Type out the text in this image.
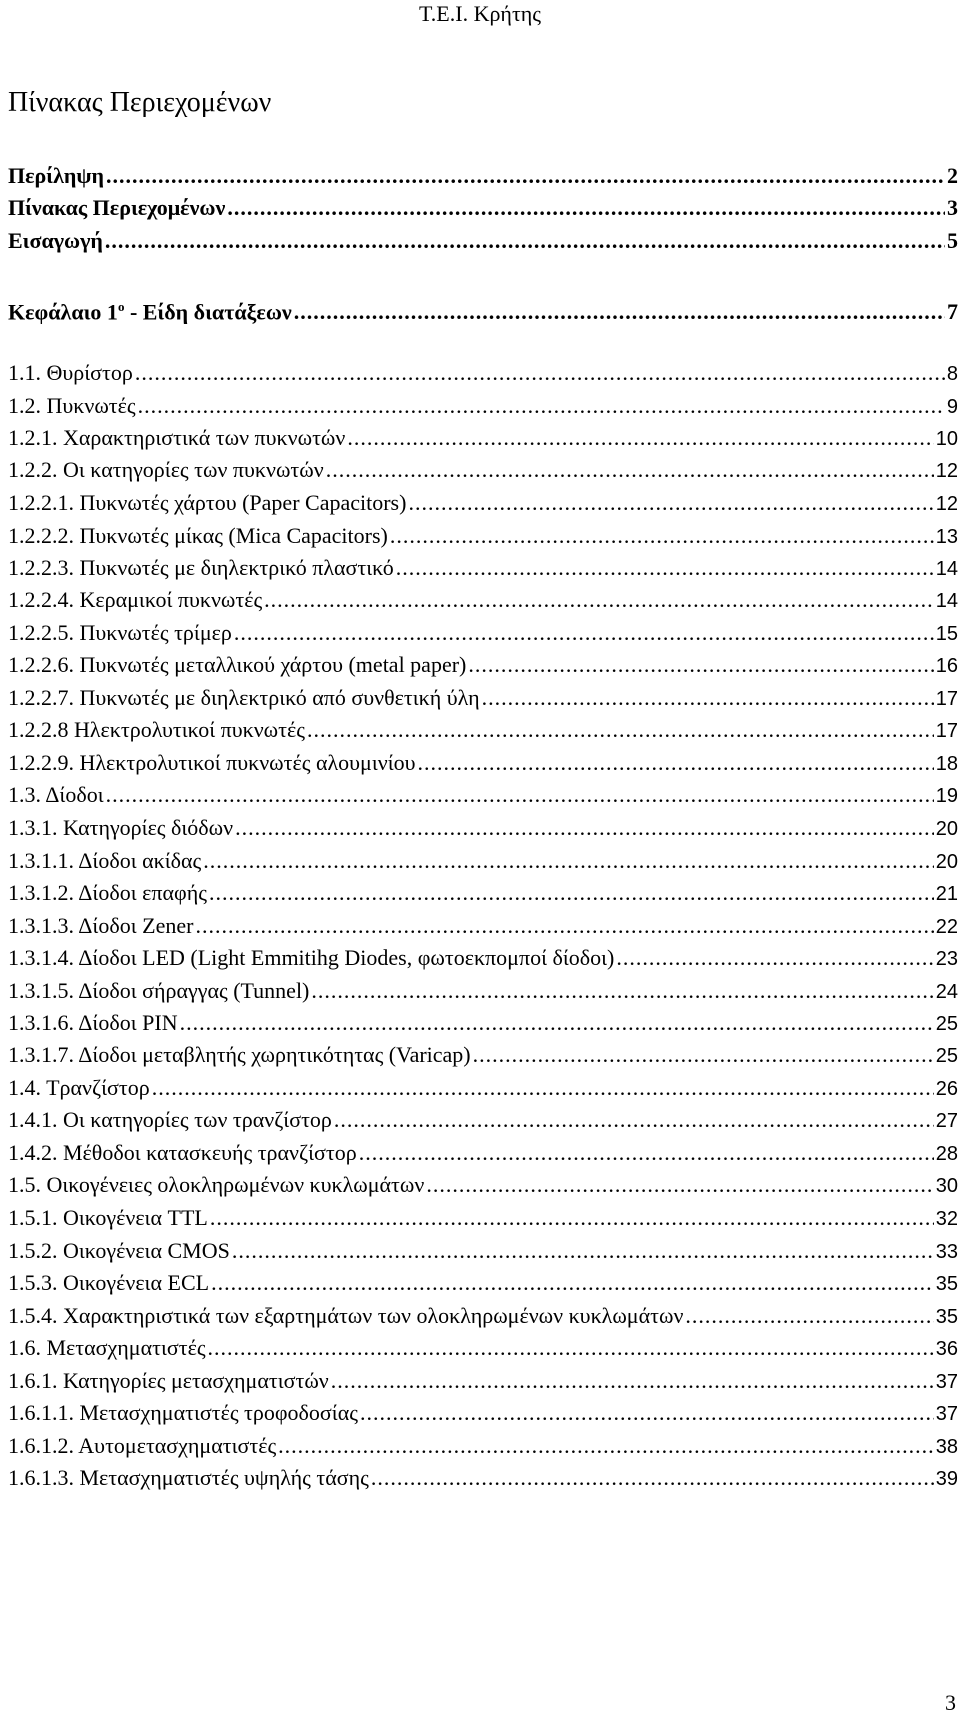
Τ.Ε.Ι. Κρήτης
Πίνακας Περιεχομένων
Περίληψη .....	2
Πίνακας Περιεχομένων .....	3
Εισαγωγή .....	5
Κεφάλαιο $1^o$ - Είδη διατάξεων .....	7
1.1. Θυρίστορ .....	8
1.2. Πυκνωτές .....	9
1.2.1. Χαρακτηριστικά των πυκνωτών .....	10
1.2.2. Οι κατηγορίες των πυκνωτών .....	12
1.2.2.1. Πυκνωτές χάρτου (Paper Capacitors) .....	12
1.2.2.2. Πυκνωτές μίκας (Mica Capacitors) .....	13
1.2.2.3. Πυκνωτές με διηλεκτρικό πλαστικό .....	14
1.2.2.4. Κεραμικοί πυκνωτές .....	14
1.2.2.5. Πυκνωτές τρίμερ .....	15
1.2.2.6. Πυκνωτές μεταλλικού χάρτου (metal paper) .....	16
1.2.2.7. Πυκνωτές με διηλεκτρικό από συνθετική ύλη .....	17
1.2.2.8 Ηλεκτρολυτικοί πυκνωτές .....	17
1.2.2.9. Ηλεκτρολυτικοί πυκνωτές αλουμινίου .....	18
1.3. Δίοδοι .....	19
1.3.1. Κατηγορίες διόδων .....	20
1.3.1.1. Δίοδοι ακίδας .....	20
1.3.1.2. Δίοδοι επαφής .....	21
1.3.1.3. Δίοδοι Zener .....	22
1.3.1.4. Δίοδοι LED (Light Emmitihg Diodes, φωτοεκπομποί δίοδοι) .....	23
1.3.1.5. Δίοδοι σήραγγας (Tunnel) .....	24
1.3.1.6. Δίοδοι PIN .....	25
1.3.1.7. Δίοδοι μεταβλητής χωρητικότητας (Varicap) .....	25
1.4. Τρανζίστορ .....	26
1.4.1. Οι κατηγορίες των τρανζίστορ .....	27
1.4.2. Μέθοδοι κατασκευής τρανζίστορ .....	28
1.5. Οικογένειες ολοκληρωμένων κυκλωμάτων .....	30
1.5.1. Οικογένεια TTL .....	32
1.5.2. Οικογένεια CMOS .....	33
1.5.3. Οικογένεια ECL .....	35
1.5.4. Χαρακτηριστικά των εξαρτημάτων των ολοκληρωμένων κυκλωμάτων .....	35
1.6. Μετασχηματιστές .....	36
1.6.1. Κατηγορίες μετασχηματιστών .....	37
1.6.1.1. Μετασχηματιστές τροφοδοσίας .....	37
1.6.1.2. Αυτομετασχηματιστές .....	38
1.6.1.3. Μετασχηματιστές υψηλής τάσης .....	39
3
